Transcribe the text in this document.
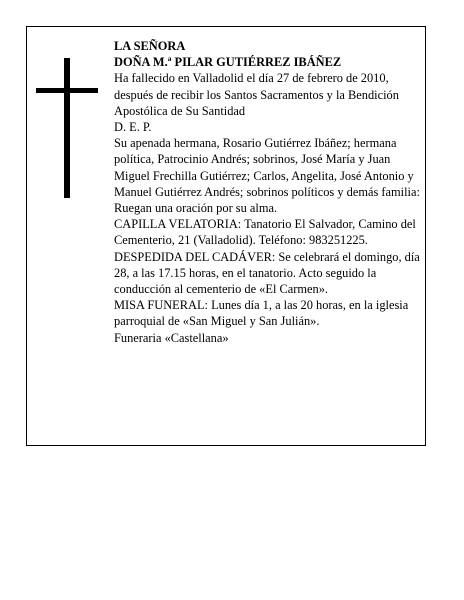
LA SEÑORA

DOÑA M.ª PILAR GUTIÉRREZ IBÁÑEZ

Ha fallecido en Valladolid el día 27 de febrero de 2010, después de recibir los Santos Sacramentos y la Bendición Apostólica de Su Santidad

D. E. P.

Su apenada hermana, Rosario Gutiérrez Ibáñez; hermana política, Patrocinio Andrés; sobrinos, José María y Juan Miguel Frechilla Gutiérrez; Carlos, Angelita, José Antonio y Manuel Gutiérrez Andrés; sobrinos políticos y demás familia:

Ruegan una oración por su alma.

CAPILLA VELATORIA: Tanatorio El Salvador, Camino del Cementerio, 21 (Valladolid). Teléfono: 983251225.

DESPEDIDA DEL CADÁVER: Se celebrará el domingo, día 28, a las 17.15 horas, en el tanatorio. Acto seguido la conducción al cementerio de «El Carmen».

MISA FUNERAL: Lunes día 1, a las 20 horas, en la iglesia parroquial de «San Miguel y San Julián».

Funeraria «Castellana»
